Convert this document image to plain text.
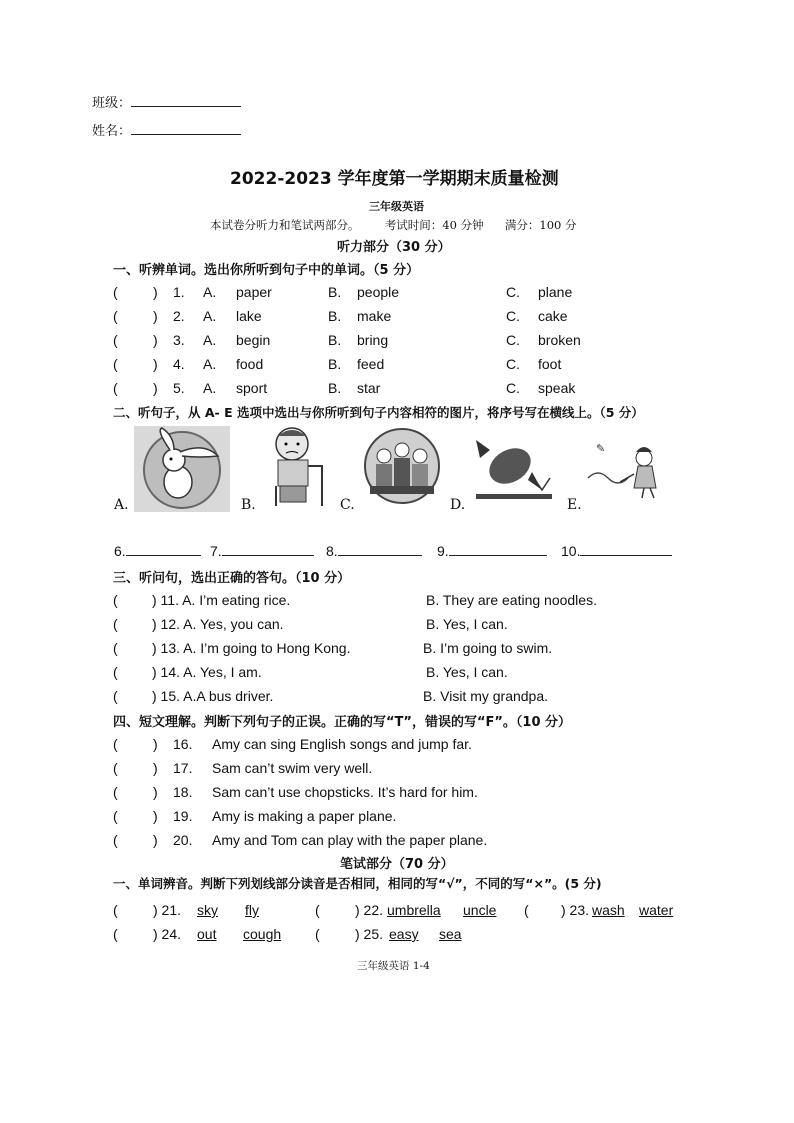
班级：
姓名：
2022-2023 学年度第一学期期末质量检测
三年级英语
本试卷分听力和笔试两部分。 考试时间：40 分钟 满分：100 分
听力部分（30 分）
一、听辨单词。选出你所听到句子中的单词。（5 分）
(	) 1. A. paper	B. people	C. plane
(	) 2. A. lake	B. make	C. cake
(	) 3. A. begin	B. bring	C. broken
(	) 4. A. food	B. feed	C. foot
(	) 5. A. sport	B. star	C. speak
二、听句子，从 A- E 选项中选出与你所听到句子内容相符的图片，将序号写在横线上。（5 分）
✎
A.	B.	C.	D.	E.
6.	7.	8.	9.	10.
三、听问句，选出正确的答句。（10 分）
( ) 11. A. I’m eating rice.	B. They are eating noodles.
( ) 12. A. Yes, you can.	B. Yes, I can.
( ) 13. A. I’m going to Hong Kong.	B. I’m going to swim.
( ) 14. A. Yes, I am.	B. Yes, I can.
( ) 15. A.A bus driver.	B. Visit my grandpa.
四、短文理解。判断下列句子的正误。正确的写“T”，错误的写“F”。（10 分）
(	) 16. Amy can sing English songs and jump far.
(	) 17. Sam can’t swim very well.
(	) 18. Sam can’t use chopsticks. It’s hard for him.
(	) 19. Amy is making a paper plane.
(	) 20. Amy and Tom can play with the paper plane.
笔试部分（70 分）
一、单词辨音。判断下列划线部分读音是否相同，相同的写“√”，不同的写“×”。(5 分)
(	) 21. sky fly	(	) 22. umbrella uncle ( ) 23. wash water
(	) 24. out cough (	) 25. easy sea
三年级英语 1-4
